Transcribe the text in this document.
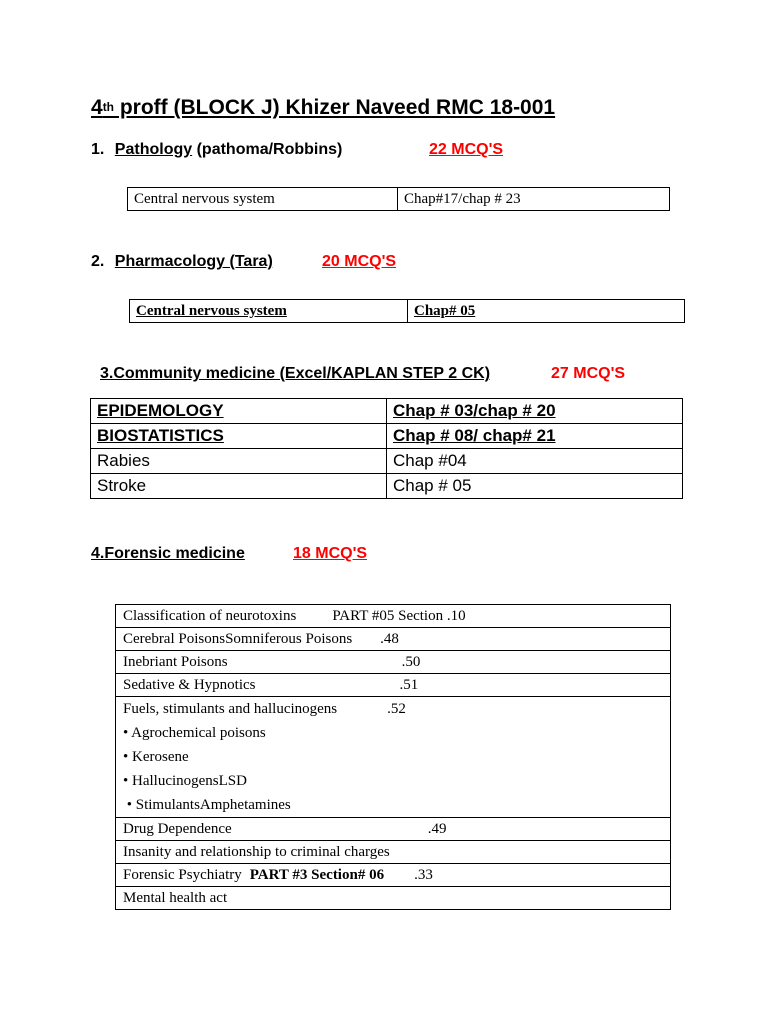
4th proff (BLOCK J) Khizer Naveed RMC 18-001
1. Pathology (pathoma/Robbins)	22 MCQ'S
Central nervous system	Chap#17/chap # 23
2. Pharmacology (Tara)	20 MCQ'S
Central nervous system	Chap# 05
3.Community medicine (Excel/KAPLAN STEP 2 CK)	27 MCQ'S
EPIDEMOLOGY	Chap # 03/chap # 20
BIOSTATISTICS	Chap # 08/ chap# 21
Rabies	Chap #04
Stroke	Chap # 05
4.Forensic medicine	18 MCQ'S
Classification of neurotoxins PART #05 Section .10
Cerebral PoisonsSomniferous Poisons .48
Inebriant Poisons	.50
Sedative & Hypnotics	.51

Fuels, stimulants and hallucinogens	.52
• Agrochemical poisons
• Kerosene
• HallucinogensLSD
• StimulantsAmphetamines

Drug Dependence	.49
Insanity and relationship to criminal charges
Forensic Psychiatry PART #3 Section# 06 .33
Mental health act
